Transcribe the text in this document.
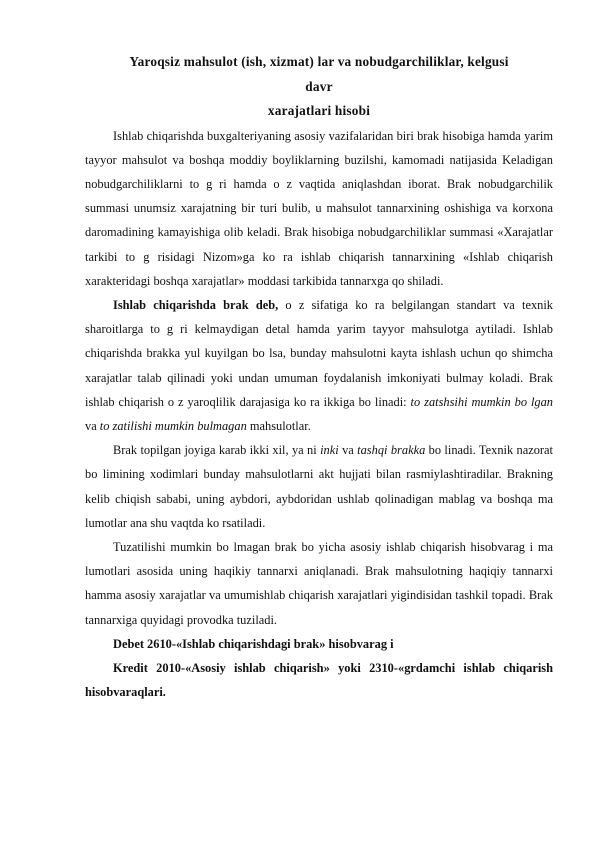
Yaroqsiz mahsulot (ish, xizmat) lar va nobudgarchiliklar, kelgusi
davr
xarajatlari hisobi

Ishlab chiqarishda buxgalteriyaning asosiy vazifalaridan biri brak hisobiga hamda yarim tayyor mahsulot va boshqa moddiy boyliklarning buzilshi, kamomadi natijasida Keladigan nobudgarchiliklarni to g ri hamda o z vaqtida aniqlashdan iborat. Brak nobudgarchilik summasi unumsiz xarajatning bir turi bulib, u mahsulot tannarxining oshishiga va korxona daromadining kamayishiga olib keladi. Brak hisobiga nobudgarchiliklar summasi «Xarajatlar tarkibi to g risidagi Nizom»ga ko ra ishlab chiqarish tannarxining «Ishlab chiqarish xarakteridagi boshqa xarajatlar» moddasi tarkibida tannarxga qo shiladi.

Ishlab chiqarishda brak deb, o z sifatiga ko ra belgilangan standart va texnik sharoitlarga to g ri kelmaydigan detal hamda yarim tayyor mahsulotga aytiladi. Ishlab chiqarishda brakka yul kuyilgan bo lsa, bunday mahsulotni kayta ishlash uchun qo shimcha xarajatlar talab qilinadi yoki undan umuman foydalanish imkoniyati bulmay koladi. Brak ishlab chiqarish o z yaroqlilik darajasiga ko ra ikkiga bo linadi: to zatshsihi mumkin bo lgan va to zatilishi mumkin bulmagan mahsulotlar.

Brak topilgan joyiga karab ikki xil, ya ni inki va tashqi brakka bo linadi. Texnik nazorat bo limining xodimlari bunday mahsulotlarni akt hujjati bilan rasmiylashtiradilar. Brakning kelib chiqish sababi, uning aybdori, aybdoridan ushlab qolinadigan mablag va boshqa ma lumotlar ana shu vaqtda ko rsatiladi.

Tuzatilishi mumkin bo lmagan brak bo yicha asosiy ishlab chiqarish hisobvarag i ma lumotlari asosida uning haqikiy tannarxi aniqlanadi. Brak mahsulotning haqiqiy tannarxi hamma asosiy xarajatlar va umumishlab chiqarish xarajatlari yigindisidan tashkil topadi. Brak tannarxiga quyidagi provodka tuziladi.

Debet 2610-«Ishlab chiqarishdagi brak» hisobvarag i

Kredit 2010-«Asosiy ishlab chiqarish» yoki 2310-«grdamchi ishlab chiqarish hisobvaraqlari.
